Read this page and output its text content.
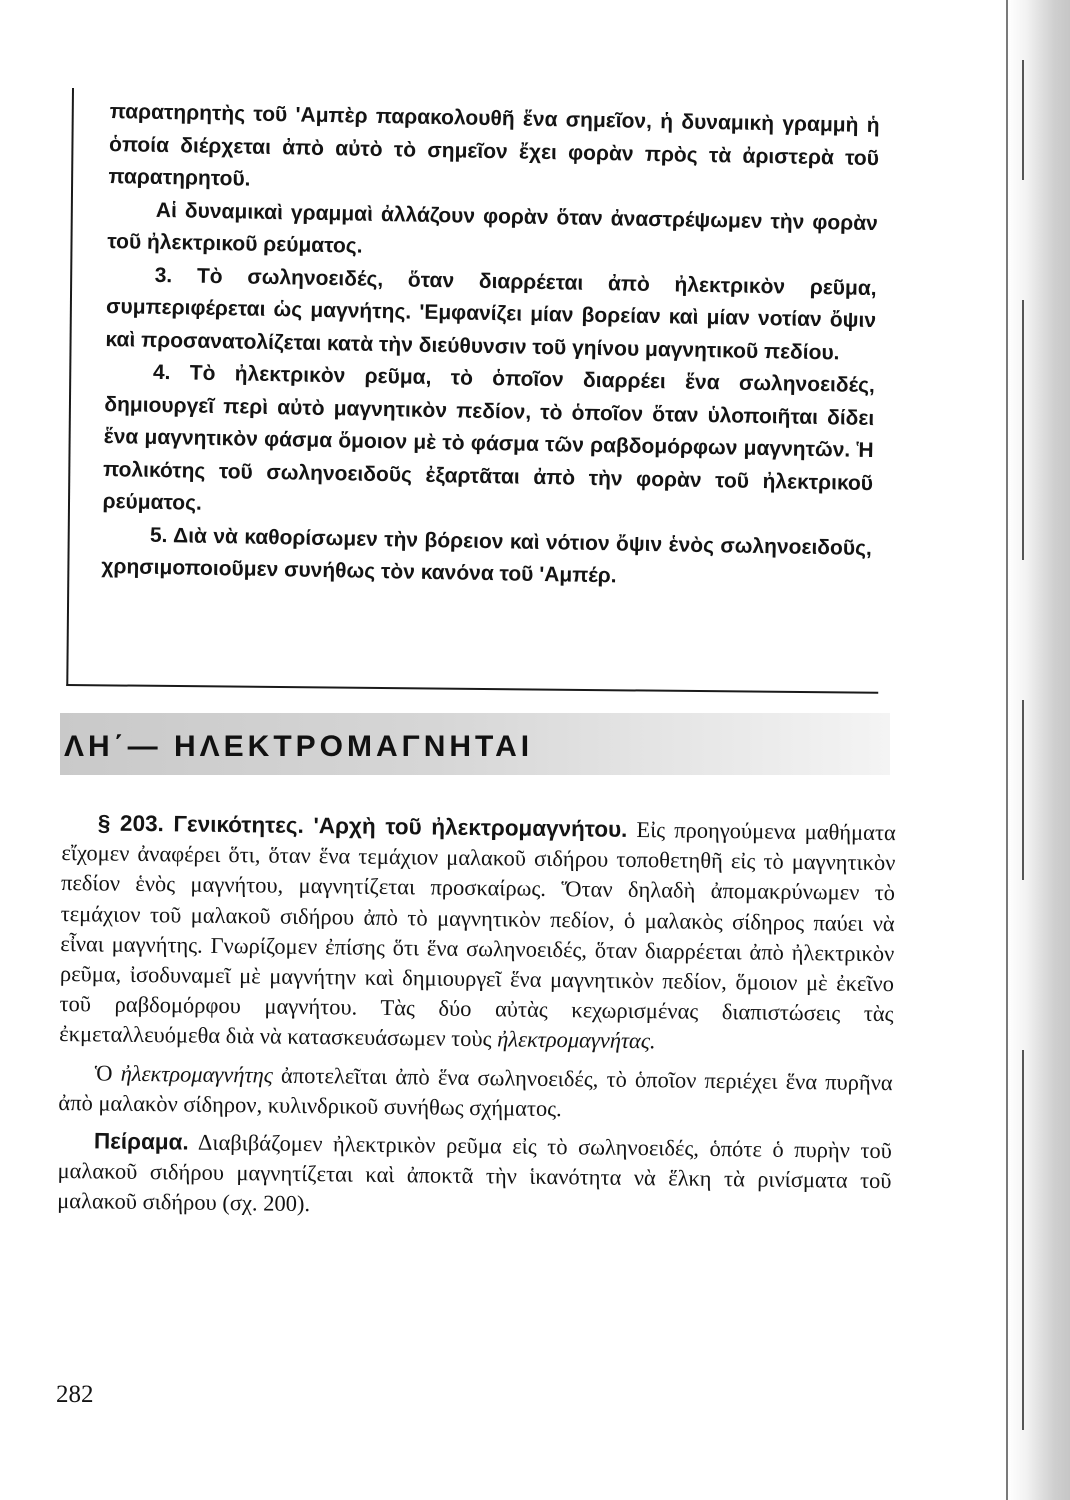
παρατηρητὴς τοῦ 'Αμπὲρ παρακολουθῆ ἕνα σημεῖον, ἡ δυναμικὴ γραμμὴ ἡ ὁποία διέρχεται ἀπὸ αὐτὸ τὸ σημεῖον ἔχει φορὰν πρὸς τὰ ἀριστερὰ τοῦ παρατηρητοῦ.

Αἱ δυναμικαὶ γραμμαὶ ἀλλάζουν φορὰν ὅταν ἀναστρέψωμεν τὴν φορὰν τοῦ ἠλεκτρικοῦ ρεύματος.

3. Τὸ σωληνοειδές, ὅταν διαρρέεται ἀπὸ ἠλεκτρικὸν ρεῦμα, συμπεριφέρεται ὡς μαγνήτης. 'Εμφανίζει μίαν βορείαν καὶ μίαν νοτίαν ὄψιν καὶ προσανατολίζεται κατὰ τὴν διεύθυνσιν τοῦ γηίνου μαγνητικοῦ πεδίου.

4. Τὸ ἠλεκτρικὸν ρεῦμα, τὸ ὁποῖον διαρρέει ἕνα σωληνοειδές, δημιουργεῖ περὶ αὐτὸ μαγνητικὸν πεδίον, τὸ ὁποῖον ὅταν ὑλοποιῆται δίδει ἕνα μαγνητικὸν φάσμα ὅμοιον μὲ τὸ φάσμα τῶν ραβδομόρφων μαγνητῶν. Ἡ πολικότης τοῦ σωληνοειδοῦς ἐξαρτᾶται ἀπὸ τὴν φορὰν τοῦ ἠλεκτρικοῦ ρεύματος.

5. Διὰ νὰ καθορίσωμεν τὴν βόρειον καὶ νότιον ὄψιν ἑνὸς σωληνοειδοῦς, χρησιμοποιοῦμεν συνήθως τὸν κανόνα τοῦ 'Αμπέρ.

ΛΗ΄— ΗΛΕΚΤΡΟΜΑΓΝΗΤΑΙ

§ 203. Γενικότητες. 'Αρχὴ τοῦ ἠλεκτρομαγνήτου. Εἰς προηγούμενα μαθήματα εἴχομεν ἀναφέρει ὅτι, ὅταν ἕνα τεμάχιον μαλακοῦ σιδήρου τοποθετηθῆ εἰς τὸ μαγνητικὸν πεδίον ἑνὸς μαγνήτου, μαγνητίζεται προσκαίρως. Ὅταν δηλαδὴ ἀπομακρύνωμεν τὸ τεμάχιον τοῦ μαλακοῦ σιδήρου ἀπὸ τὸ μαγνητικὸν πεδίον, ὁ μαλακὸς σίδηρος παύει νὰ εἶναι μαγνήτης. Γνωρίζομεν ἐπίσης ὅτι ἕνα σωληνοειδές, ὅταν διαρρέεται ἀπὸ ἠλεκτρικὸν ρεῦμα, ἰσοδυναμεῖ μὲ μαγνήτην καὶ δημιουργεῖ ἕνα μαγνητικὸν πεδίον, ὅμοιον μὲ ἐκεῖνο τοῦ ραβδομόρφου μαγνήτου. Τὰς δύο αὐτὰς κεχωρισμένας διαπιστώσεις τὰς ἐκμεταλλευόμεθα διὰ νὰ κατασκευάσωμεν τοὺς ἠλεκτρομαγνήτας.

Ὁ ἠλεκτρομαγνήτης ἀποτελεῖται ἀπὸ ἕνα σωληνοειδές, τὸ ὁποῖον περιέχει ἕνα πυρῆνα ἀπὸ μαλακὸν σίδηρον, κυλινδρικοῦ συνήθως σχήματος.

Πείραμα. Διαβιβάζομεν ἠλεκτρικὸν ρεῦμα εἰς τὸ σωληνοειδές, ὁπότε ὁ πυρὴν τοῦ μαλακοῦ σιδήρου μαγνητίζεται καὶ ἀποκτᾶ τὴν ἱκανότητα νὰ ἕλκη τὰ ρινίσματα τοῦ μαλακοῦ σιδήρου (σχ. 200).

282
